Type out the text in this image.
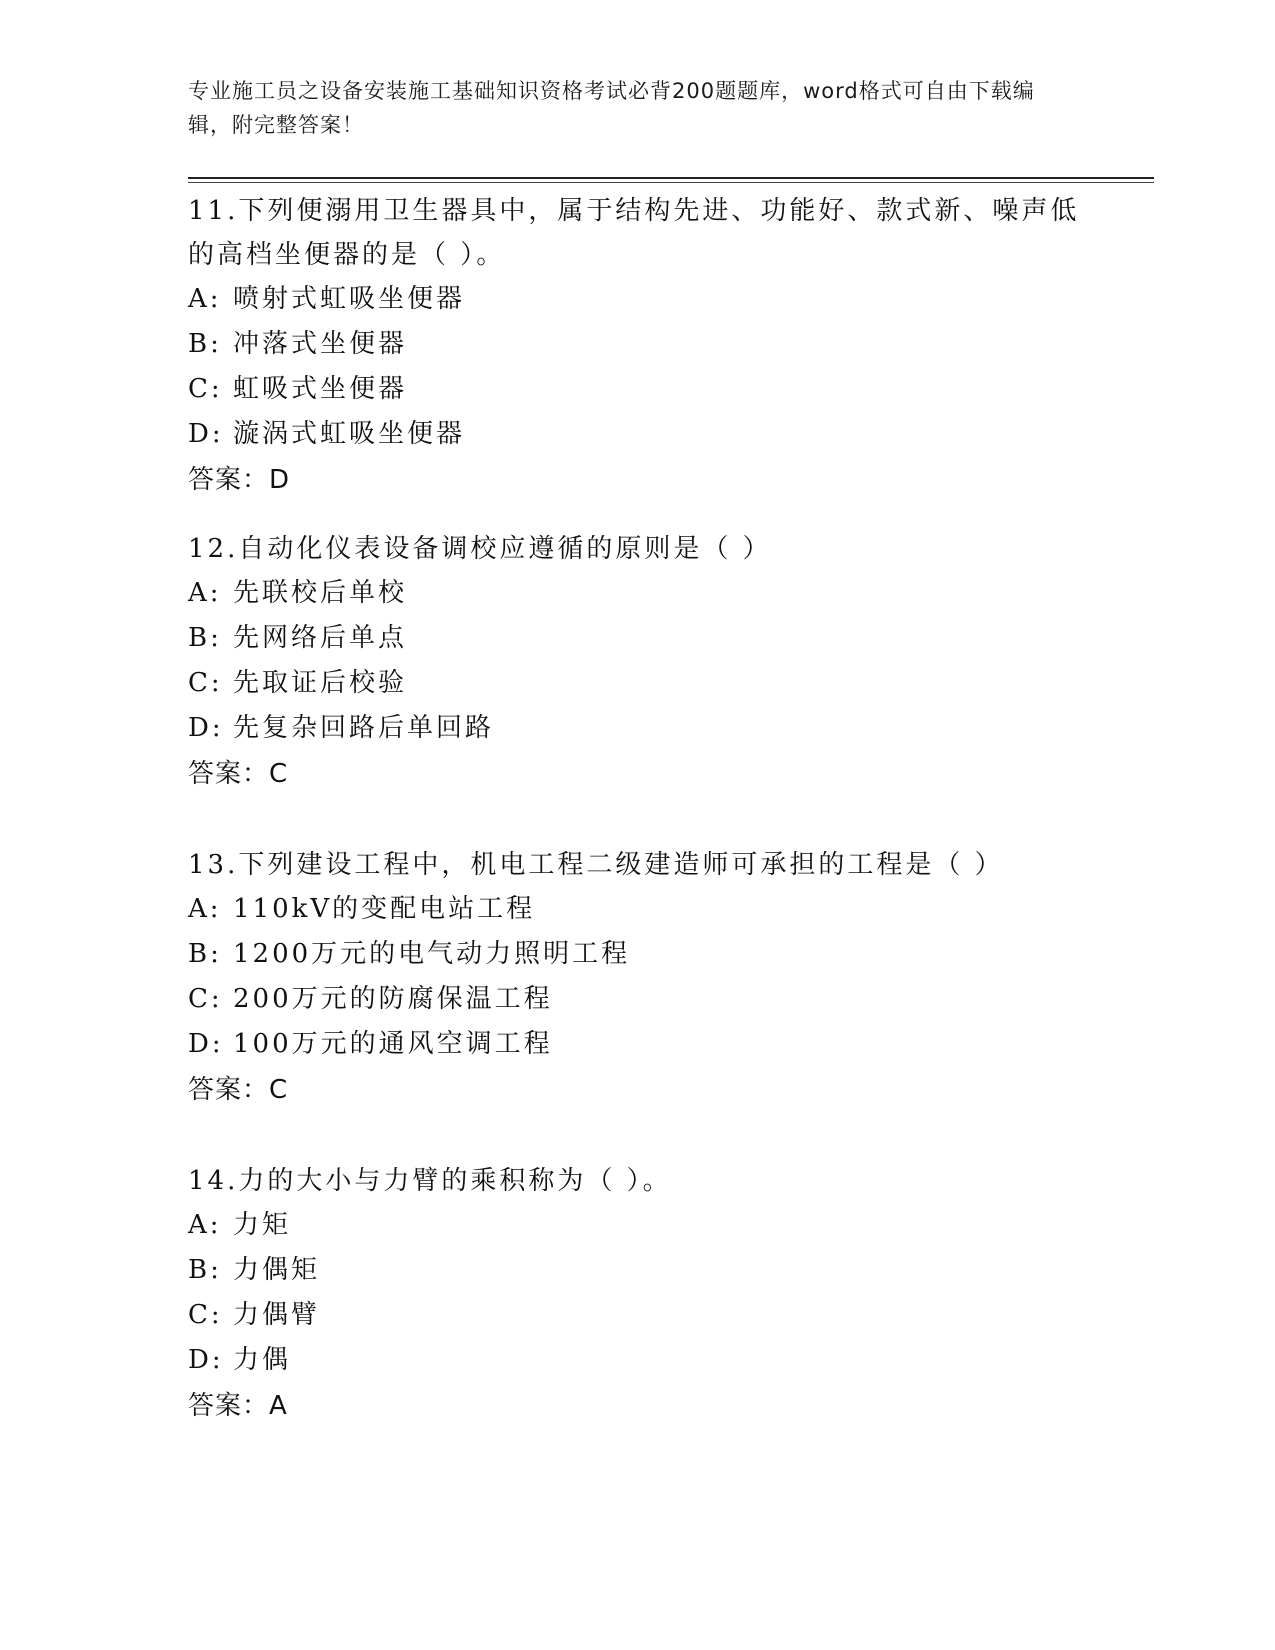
专业施工员之设备安装施工基础知识资格考试必背200题题库，word格式可自由下载编辑，附完整答案！
11.下列便溺用卫生器具中，属于结构先进、功能好、款式新、噪声低的高档坐便器的是（ ）。
A: 喷射式虹吸坐便器
B: 冲落式坐便器
C: 虹吸式坐便器
D: 漩涡式虹吸坐便器
答案：D
12.自动化仪表设备调校应遵循的原则是（ ）
A: 先联校后单校
B: 先网络后单点
C: 先取证后校验
D: 先复杂回路后单回路
答案：C
13.下列建设工程中，机电工程二级建造师可承担的工程是（ ）
A: 110kV的变配电站工程
B: 1200万元的电气动力照明工程
C: 200万元的防腐保温工程
D: 100万元的通风空调工程
答案：C
14.力的大小与力臂的乘积称为（ ）。
A: 力矩
B: 力偶矩
C: 力偶臂
D: 力偶
答案：A
